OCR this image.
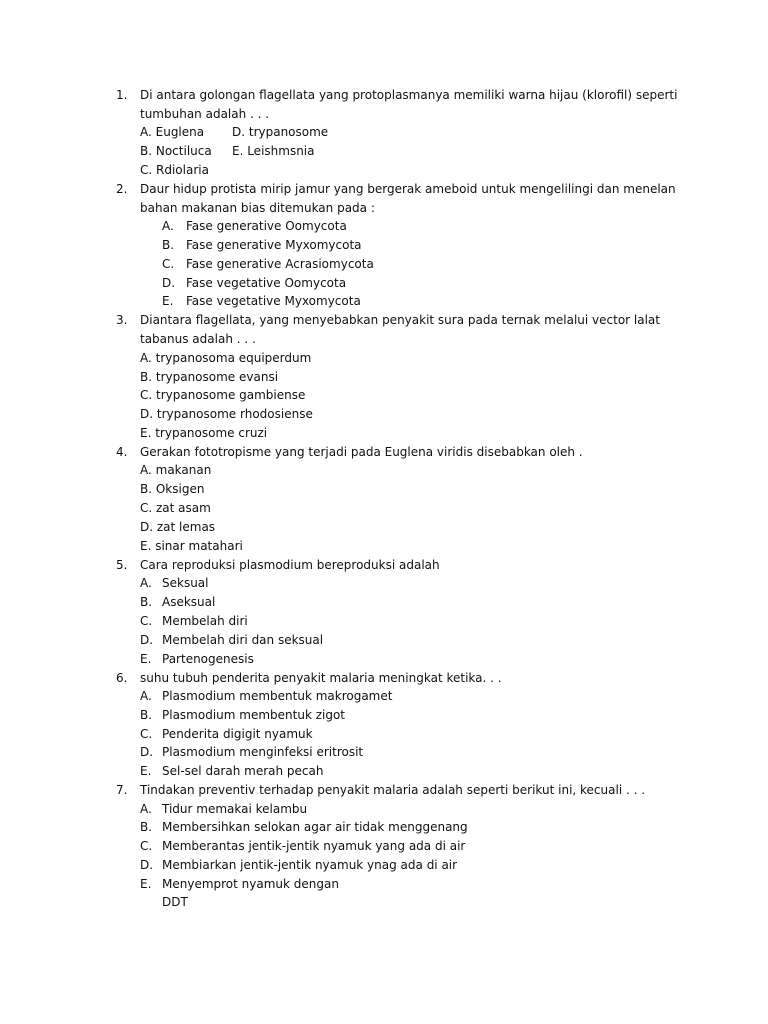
1. Di antara golongan flagellata yang protoplasmanya memiliki warna hijau (klorofil) seperti
tumbuhan adalah . . .
A. Euglena D. trypanosome
B. Noctiluca E. Leishmsnia
C. Rdiolaria
2. Daur hidup protista mirip jamur yang bergerak ameboid untuk mengelilingi dan menelan
bahan makanan bias ditemukan pada :
A. Fase generative Oomycota
B. Fase generative Myxomycota
C. Fase generative Acrasiomycota
D. Fase vegetative Oomycota
E. Fase vegetative Myxomycota
3. Diantara flagellata, yang menyebabkan penyakit sura pada ternak melalui vector lalat
tabanus adalah . . .
A. trypanosoma equiperdum
B. trypanosome evansi
C. trypanosome gambiense
D. trypanosome rhodosiense
E. trypanosome cruzi
4. Gerakan fototropisme yang terjadi pada Euglena viridis disebabkan oleh .
A. makanan
B. Oksigen
C. zat asam
D. zat lemas
E. sinar matahari
5. Cara reproduksi plasmodium bereproduksi adalah
A. Seksual
B. Aseksual
C. Membelah diri
D. Membelah diri dan seksual
E. Partenogenesis
6. suhu tubuh penderita penyakit malaria meningkat ketika. . .
A. Plasmodium membentuk makrogamet
B. Plasmodium membentuk zigot
C. Penderita digigit nyamuk
D. Plasmodium menginfeksi eritrosit
E. Sel-sel darah merah pecah
7. Tindakan preventiv terhadap penyakit malaria adalah seperti berikut ini, kecuali . . .
A. Tidur memakai kelambu
B. Membersihkan selokan agar air tidak menggenang
C. Memberantas jentik-jentik nyamuk yang ada di air
D. Membiarkan jentik-jentik nyamuk ynag ada di air
E. Menyemprot nyamuk dengan
DDT
